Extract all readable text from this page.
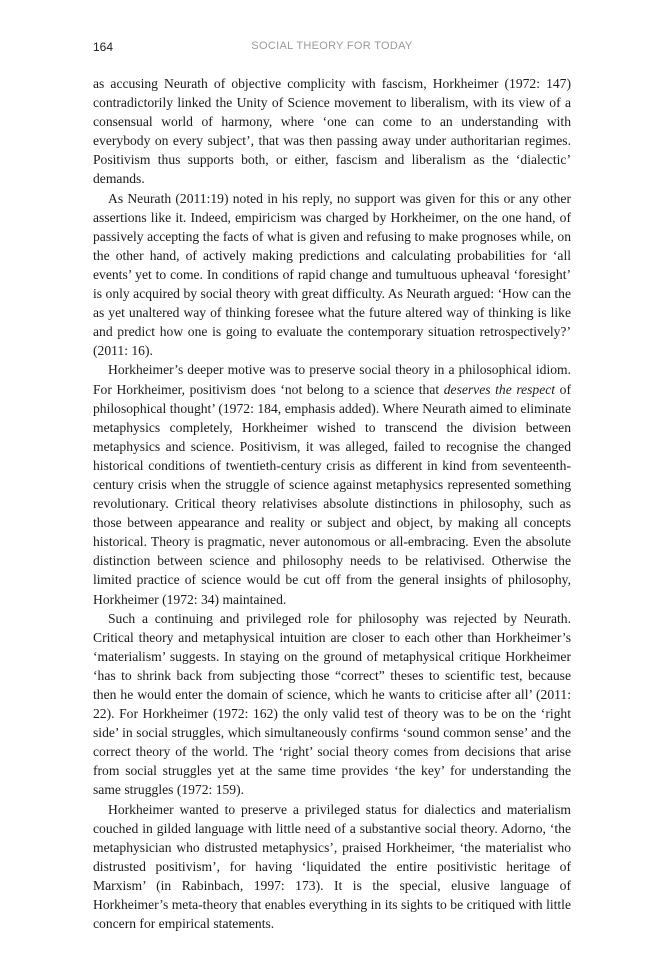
164	SOCIAL THEORY FOR TODAY

as accusing Neurath of objective complicity with fascism, Horkheimer (1972: 147) contradictorily linked the Unity of Science movement to liberalism, with its view of a consensual world of harmony, where ‘one can come to an understanding with everybody on every subject’, that was then passing away under authoritarian regimes. Positivism thus supports both, or either, fascism and liberalism as the ‘dialectic’ demands.

As Neurath (2011:19) noted in his reply, no support was given for this or any other assertions like it. Indeed, empiricism was charged by Horkheimer, on the one hand, of passively accepting the facts of what is given and refusing to make prognoses while, on the other hand, of actively making predictions and calculating probabilities for ‘all events’ yet to come. In conditions of rapid change and tumultuous upheaval ‘foresight’ is only acquired by social theory with great difficulty. As Neurath argued: ‘How can the as yet unaltered way of thinking foresee what the future altered way of thinking is like and predict how one is going to evaluate the contemporary situation retrospectively?’ (2011: 16).

Horkheimer’s deeper motive was to preserve social theory in a philosophical idiom. For Horkheimer, positivism does ‘not belong to a science that deserves the respect of philosophical thought’ (1972: 184, emphasis added). Where Neurath aimed to eliminate metaphysics completely, Horkheimer wished to transcend the division between metaphysics and science. Positivism, it was alleged, failed to recognise the changed historical conditions of twentieth-century crisis as different in kind from seventeenth-century crisis when the struggle of science against metaphysics represented something revolutionary. Critical theory relativises absolute distinctions in philosophy, such as those between appearance and reality or subject and object, by making all concepts historical. Theory is pragmatic, never autonomous or all-embracing. Even the absolute distinction between science and philosophy needs to be relativised. Otherwise the limited practice of science would be cut off from the general insights of philosophy, Horkheimer (1972: 34) maintained.

Such a continuing and privileged role for philosophy was rejected by Neurath. Critical theory and metaphysical intuition are closer to each other than Horkheimer’s ‘materialism’ suggests. In staying on the ground of metaphysical critique Horkheimer ‘has to shrink back from subjecting those “correct” theses to scientific test, because then he would enter the domain of science, which he wants to criticise after all’ (2011: 22). For Horkheimer (1972: 162) the only valid test of theory was to be on the ‘right side’ in social struggles, which simultaneously confirms ‘sound common sense’ and the correct theory of the world. The ‘right’ social theory comes from decisions that arise from social struggles yet at the same time provides ‘the key’ for understanding the same struggles (1972: 159).

Horkheimer wanted to preserve a privileged status for dialectics and materialism couched in gilded language with little need of a substantive social theory. Adorno, ‘the metaphysician who distrusted metaphysics’, praised Horkheimer, ‘the materialist who distrusted positivism’, for having ‘liquidated the entire positivistic heritage of Marxism’ (in Rabinbach, 1997: 173). It is the special, elusive language of Horkheimer’s meta-theory that enables everything in its sights to be critiqued with little concern for empirical statements.
